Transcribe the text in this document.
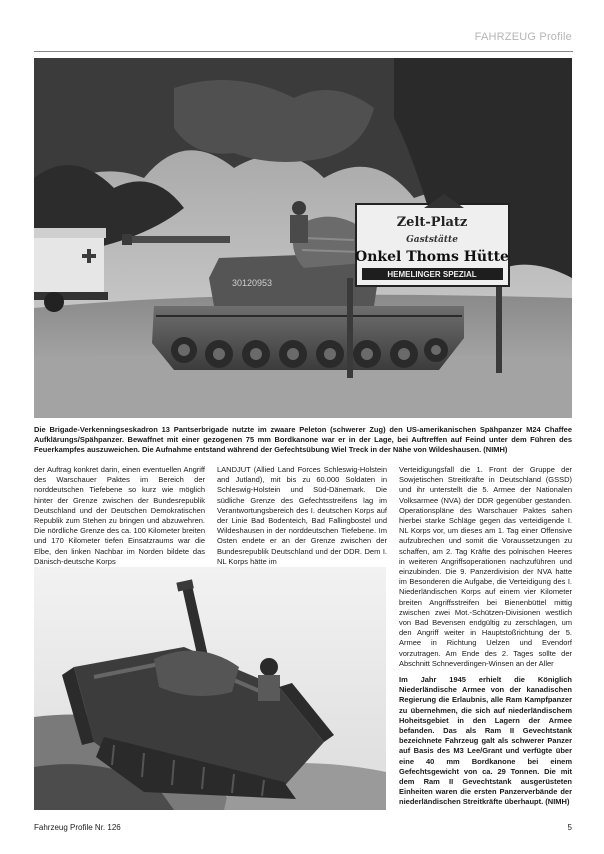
FAHRZEUG Profile
30120953
Zelt-Platz
Gaststätte
Onkel Thoms Hütte
HEMELINGER SPEZIAL
Die Brigade-Verkenningseskadron 13 Pantserbrigade nutzte im zwaare Peleton (schwerer Zug) den US-amerikanischen Spähpanzer M24 Chaffee Aufklärungs/Spähpanzer. Bewaffnet mit einer gezogenen 75 mm Bordkanone war er in der Lage, bei Auftreffen auf Feind unter dem Führen des Feuerkampfes auszuweichen. Die Aufnahme entstand während der Gefechtsübung Wiel Treck in der Nähe von Wildeshausen. (NIMH)
der Auftrag konkret darin, einen eventuellen Angriff des Warschauer Paktes im Bereich der norddeutschen Tiefebene so kurz wie möglich hinter der Grenze zwischen der Bundesrepublik Deutschland und der Deutschen Demokratischen Republik zum Stehen zu bringen und abzuwehren. Die nördliche Grenze des ca. 100 Kilometer breiten und 170 Kilometer tiefen Einsatzraums war die Elbe, den linken Nachbar im Norden bildete das Dänisch-deutsche Korps
LANDJUT (Allied Land Forces Schleswig-Holstein and Jutland), mit bis zu 60.000 Soldaten in Schleswig-Holstein und Süd-Dänemark. Die südliche Grenze des Gefechtsstreifens lag im Verantwortungsbereich des I. deutschen Korps auf der Linie Bad Bodenteich, Bad Fallingbostel und Wildeshausen in der norddeutschen Tiefebene. Im Osten endete er an der Grenze zwischen der Bundesrepublik Deutschland und der DDR. Dem I. NL Korps hätte im
Verteidigungsfall die 1. Front der Gruppe der Sowjetischen Streitkräfte in Deutschland (GSSD) und ihr unterstellt die 5. Armee der Nationalen Volksarmee (NVA) der DDR gegenüber gestanden. Operationspläne des Warschauer Paktes sahen hierbei starke Schläge gegen das verteidigende I. NL Korps vor, um dieses am 1. Tag einer Offensive aufzubrechen und somit die Voraussetzungen zu schaffen, am 2. Tag Kräfte des polnischen Heeres in weiteren Angriffsoperationen nachzuführen und einzubinden. Die 9. Panzerdivision der NVA hatte im Besonderen die Aufgabe, die Verteidigung des I. Niederländischen Korps auf einem vier Kilometer breiten Angriffsstreifen bei Bienenbüttel mittig zwischen zwei Mot.-Schützen-Divisionen westlich von Bad Bevensen endgültig zu zerschlagen, um den Angriff weiter in Hauptstoßrichtung der 5. Armee in Richtung Uelzen und Evendorf vorzutragen. Am Ende des 2. Tages sollte der Abschnitt Schneverdingen-Winsen an der Aller
Im Jahr 1945 erhielt die Königlich Niederländische Armee von der kanadischen Regierung die Erlaubnis, alle Ram Kampfpanzer zu übernehmen, die sich auf niederländischem Hoheitsgebiet in den Lagern der Armee befanden. Das als Ram II Gevechtstank bezeichnete Fahrzeug galt als schwerer Panzer auf Basis des M3 Lee/Grant und verfügte über eine 40 mm Bordkanone bei einem Gefechtsgewicht von ca. 29 Tonnen. Die mit dem Ram II Gevechtstank ausgerüsteten Einheiten waren die ersten Panzerverbände der niederländischen Streitkräfte überhaupt. (NIMH)
Fahrzeug Profile Nr. 126	5
